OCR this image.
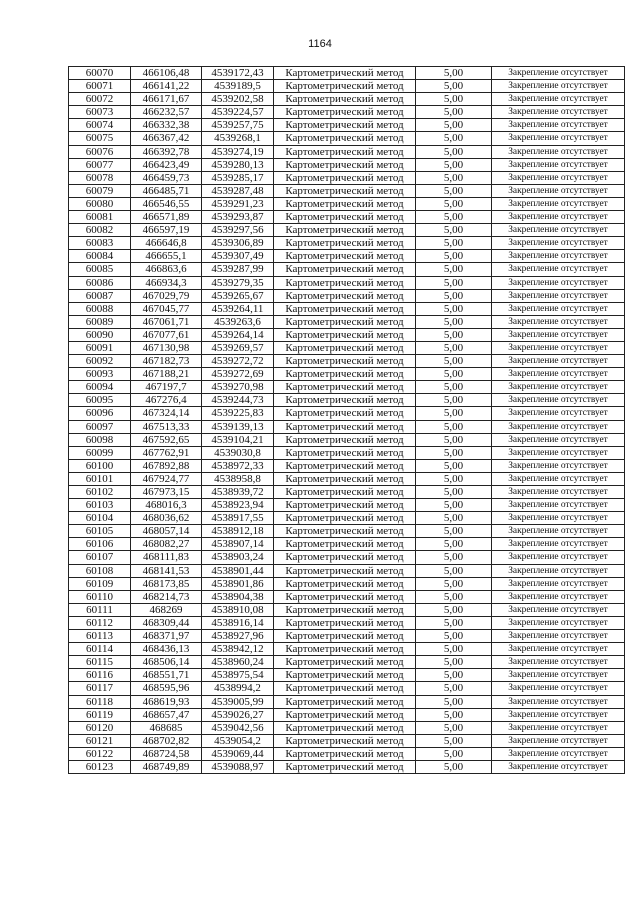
1164
60070	466106,48	4539172,43	Картометрический метод	5,00	Закрепление отсутствует
60071	466141,22	4539189,5	Картометрический метод	5,00	Закрепление отсутствует
60072	466171,67	4539202,58	Картометрический метод	5,00	Закрепление отсутствует
60073	466232,57	4539224,57	Картометрический метод	5,00	Закрепление отсутствует
60074	466332,38	4539257,75	Картометрический метод	5,00	Закрепление отсутствует
60075	466367,42	4539268,1	Картометрический метод	5,00	Закрепление отсутствует
60076	466392,78	4539274,19	Картометрический метод	5,00	Закрепление отсутствует
60077	466423,49	4539280,13	Картометрический метод	5,00	Закрепление отсутствует
60078	466459,73	4539285,17	Картометрический метод	5,00	Закрепление отсутствует
60079	466485,71	4539287,48	Картометрический метод	5,00	Закрепление отсутствует
60080	466546,55	4539291,23	Картометрический метод	5,00	Закрепление отсутствует
60081	466571,89	4539293,87	Картометрический метод	5,00	Закрепление отсутствует
60082	466597,19	4539297,56	Картометрический метод	5,00	Закрепление отсутствует
60083	466646,8	4539306,89	Картометрический метод	5,00	Закрепление отсутствует
60084	466655,1	4539307,49	Картометрический метод	5,00	Закрепление отсутствует
60085	466863,6	4539287,99	Картометрический метод	5,00	Закрепление отсутствует
60086	466934,3	4539279,35	Картометрический метод	5,00	Закрепление отсутствует
60087	467029,79	4539265,67	Картометрический метод	5,00	Закрепление отсутствует
60088	467045,77	4539264,11	Картометрический метод	5,00	Закрепление отсутствует
60089	467061,71	4539263,6	Картометрический метод	5,00	Закрепление отсутствует
60090	467077,61	4539264,14	Картометрический метод	5,00	Закрепление отсутствует
60091	467130,98	4539269,57	Картометрический метод	5,00	Закрепление отсутствует
60092	467182,73	4539272,72	Картометрический метод	5,00	Закрепление отсутствует
60093	467188,21	4539272,69	Картометрический метод	5,00	Закрепление отсутствует
60094	467197,7	4539270,98	Картометрический метод	5,00	Закрепление отсутствует
60095	467276,4	4539244,73	Картометрический метод	5,00	Закрепление отсутствует
60096	467324,14	4539225,83	Картометрический метод	5,00	Закрепление отсутствует
60097	467513,33	4539139,13	Картометрический метод	5,00	Закрепление отсутствует
60098	467592,65	4539104,21	Картометрический метод	5,00	Закрепление отсутствует
60099	467762,91	4539030,8	Картометрический метод	5,00	Закрепление отсутствует
60100	467892,88	4538972,33	Картометрический метод	5,00	Закрепление отсутствует
60101	467924,77	4538958,8	Картометрический метод	5,00	Закрепление отсутствует
60102	467973,15	4538939,72	Картометрический метод	5,00	Закрепление отсутствует
60103	468016,3	4538923,94	Картометрический метод	5,00	Закрепление отсутствует
60104	468036,62	4538917,55	Картометрический метод	5,00	Закрепление отсутствует
60105	468057,14	4538912,18	Картометрический метод	5,00	Закрепление отсутствует
60106	468082,27	4538907,14	Картометрический метод	5,00	Закрепление отсутствует
60107	468111,83	4538903,24	Картометрический метод	5,00	Закрепление отсутствует
60108	468141,53	4538901,44	Картометрический метод	5,00	Закрепление отсутствует
60109	468173,85	4538901,86	Картометрический метод	5,00	Закрепление отсутствует
60110	468214,73	4538904,38	Картометрический метод	5,00	Закрепление отсутствует
60111	468269	4538910,08	Картометрический метод	5,00	Закрепление отсутствует
60112	468309,44	4538916,14	Картометрический метод	5,00	Закрепление отсутствует
60113	468371,97	4538927,96	Картометрический метод	5,00	Закрепление отсутствует
60114	468436,13	4538942,12	Картометрический метод	5,00	Закрепление отсутствует
60115	468506,14	4538960,24	Картометрический метод	5,00	Закрепление отсутствует
60116	468551,71	4538975,54	Картометрический метод	5,00	Закрепление отсутствует
60117	468595,96	4538994,2	Картометрический метод	5,00	Закрепление отсутствует
60118	468619,93	4539005,99	Картометрический метод	5,00	Закрепление отсутствует
60119	468657,47	4539026,27	Картометрический метод	5,00	Закрепление отсутствует
60120	468685	4539042,56	Картометрический метод	5,00	Закрепление отсутствует
60121	468702,82	4539054,2	Картометрический метод	5,00	Закрепление отсутствует
60122	468724,58	4539069,44	Картометрический метод	5,00	Закрепление отсутствует
60123	468749,89	4539088,97	Картометрический метод	5,00	Закрепление отсутствует
